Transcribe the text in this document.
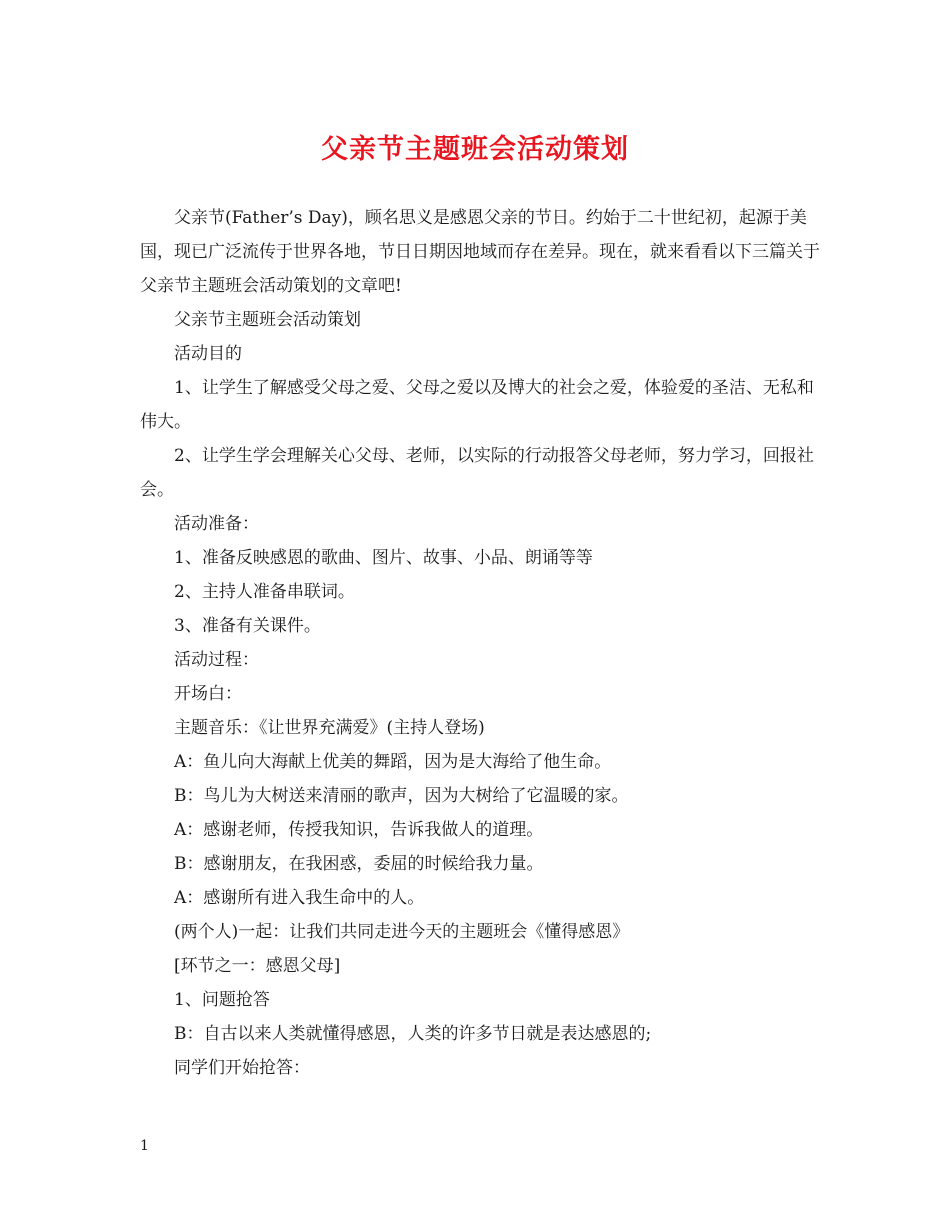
父亲节主题班会活动策划

父亲节(Father’s Day)，顾名思义是感恩父亲的节日。约始于二十世纪初，起源于美国，现已广泛流传于世界各地，节日日期因地域而存在差异。现在，就来看看以下三篇关于父亲节主题班会活动策划的文章吧!

父亲节主题班会活动策划

活动目的

1、让学生了解感受父母之爱、父母之爱以及博大的社会之爱，体验爱的圣洁、无私和伟大。

2、让学生学会理解关心父母、老师，以实际的行动报答父母老师，努力学习，回报社会。

活动准备：

1、准备反映感恩的歌曲、图片、故事、小品、朗诵等等

2、主持人准备串联词。

3、准备有关课件。

活动过程：

开场白：

主题音乐：《让世界充满爱》(主持人登场)

A：鱼儿向大海献上优美的舞蹈，因为是大海给了他生命。

B：鸟儿为大树送来清丽的歌声，因为大树给了它温暖的家。

A：感谢老师，传授我知识，告诉我做人的道理。

B：感谢朋友，在我困惑，委屈的时候给我力量。

A：感谢所有进入我生命中的人。

(两个人)一起：让我们共同走进今天的主题班会《懂得感恩》

[环节之一：感恩父母]

1、问题抢答

B：自古以来人类就懂得感恩，人类的许多节日就是表达感恩的;

同学们开始抢答：

1
